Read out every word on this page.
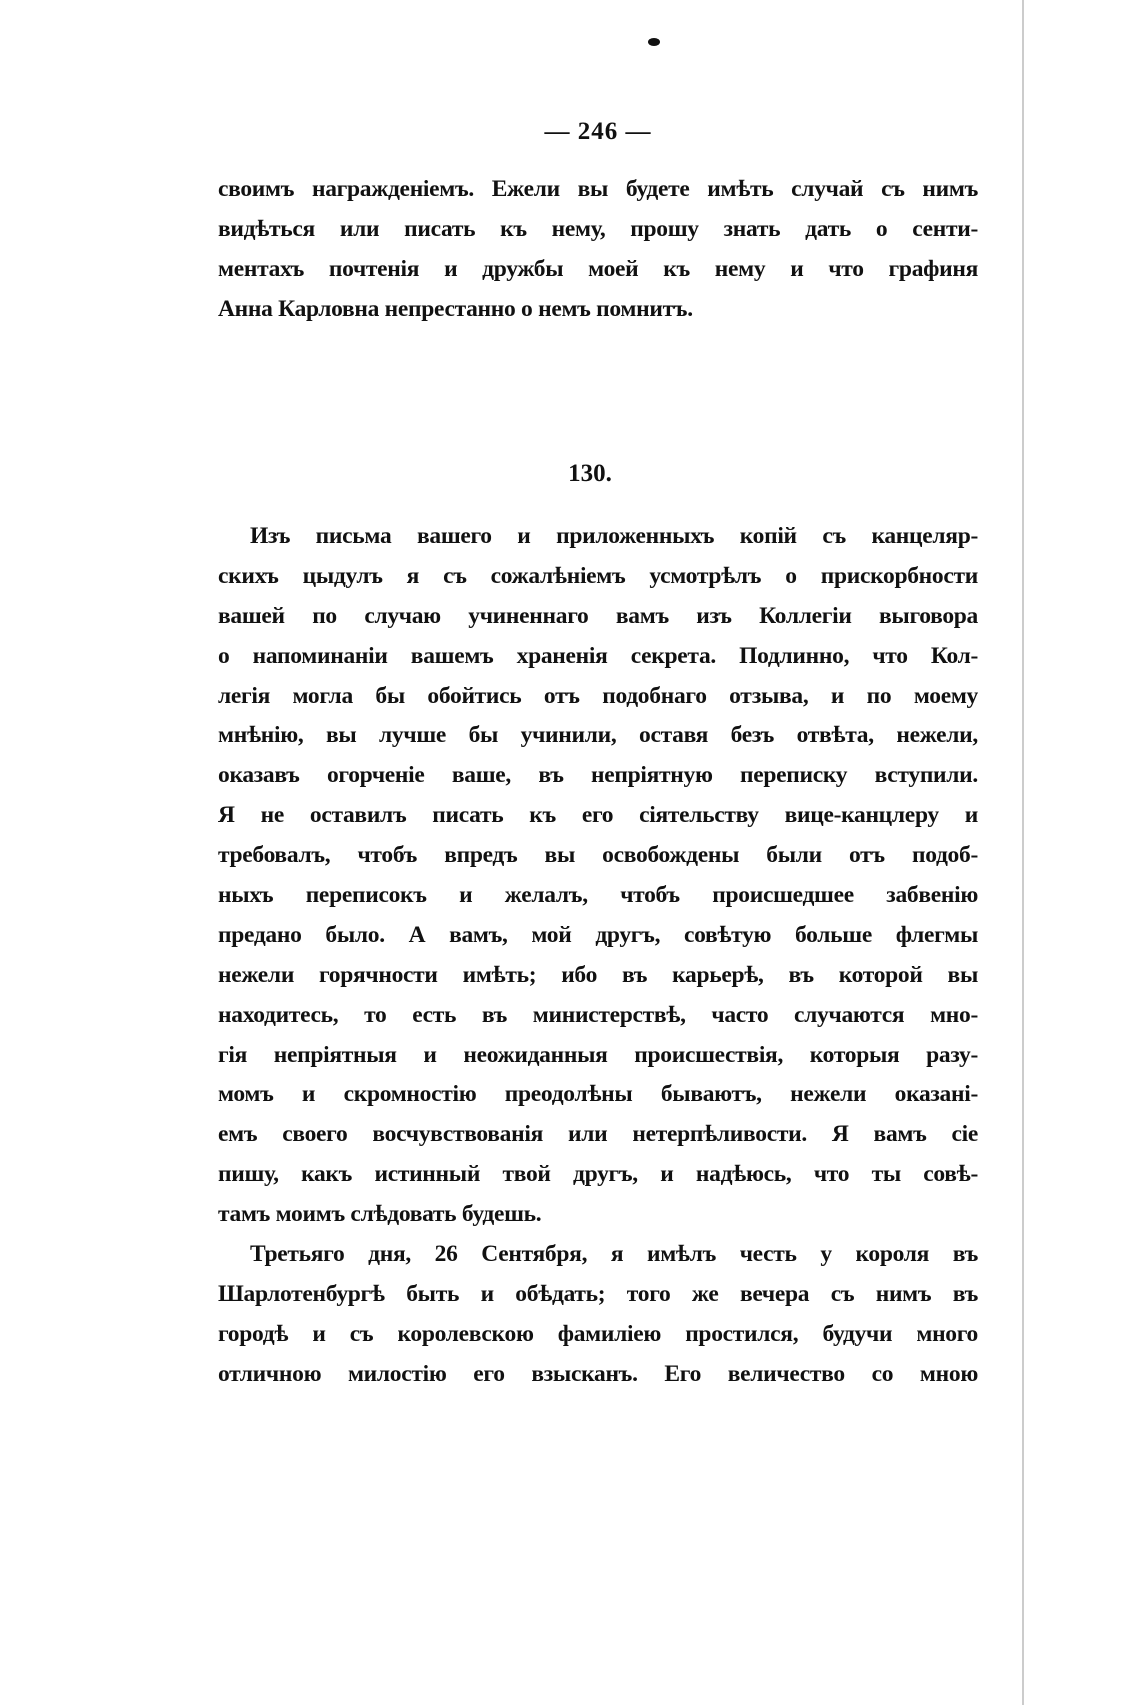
— 246 —
своимъ награжденіемъ. Ежели вы будете имѣть случай съ нимъ
видѣться или писать къ нему, прошу знать дать о сенти-
ментахъ почтенія и дружбы моей къ нему и что графиня
Анна Карловна непрестанно о немъ помнитъ.
130.
Изъ письма вашего и приложенныхъ копій съ канцеляр-
скихъ цыдулъ я съ сожалѣніемъ усмотрѣлъ о прискорбности
вашей по случаю учиненнаго вамъ изъ Коллегіи выговора
о напоминаніи вашемъ храненія секрета. Подлинно, что Кол-
легія могла бы обойтись отъ подобнаго отзыва, и по моему
мнѣнію, вы лучше бы учинили, оставя безъ отвѣта, нежели,
оказавъ огорченіе ваше, въ непріятную переписку вступили.
Я не оставилъ писать къ его сіятельству вице-канцлеру и
требовалъ, чтобъ впредъ вы освобождены были отъ подоб-
ныхъ переписокъ и желалъ, чтобъ происшедшее забвенію
предано было. А вамъ, мой другъ, совѣтую больше флегмы
нежели горячности имѣть; ибо въ карьерѣ, въ которой вы
находитесь, то есть въ министерствѣ, часто случаются мно-
гія непріятныя и неожиданныя происшествія, которыя разу-
момъ и скромностію преодолѣны бываютъ, нежели оказані-
емъ своего восчувствованія или нетерпѣливости. Я вамъ сіе
пишу, какъ истинный твой другъ, и надѣюсь, что ты совѣ-
тамъ моимъ слѣдовать будешь.
Третьяго дня, 26 Сентября, я имѣлъ честь у короля въ
Шарлотенбургѣ быть и обѣдать; того же вечера съ нимъ въ
городѣ и съ королевскою фамиліею простился, будучи много
отличною милостію его взысканъ. Его величество со мною
